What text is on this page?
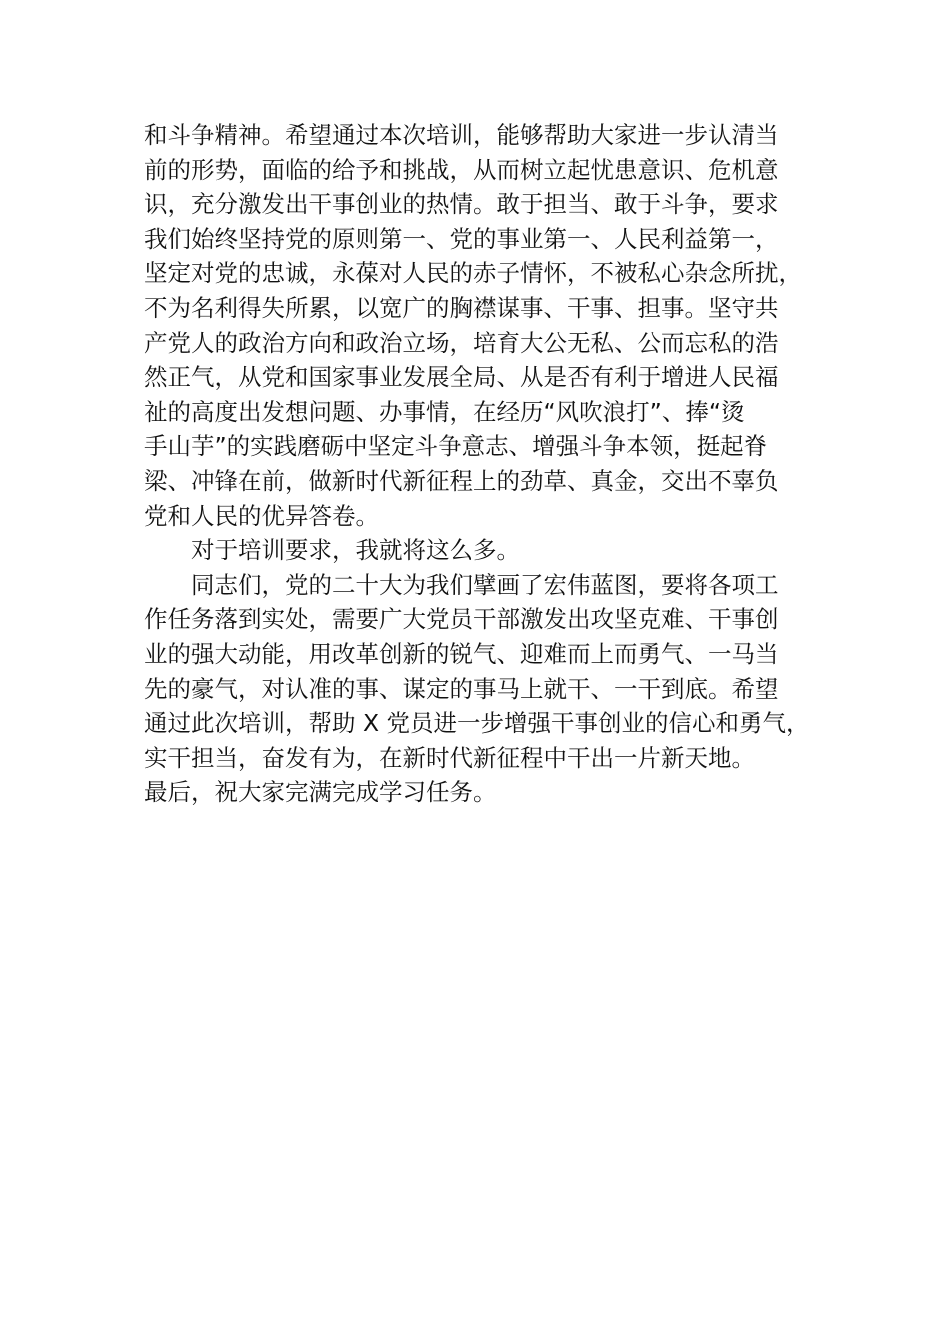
和斗争精神。希望通过本次培训，能够帮助大家进一步认清当
前的形势，面临的给予和挑战，从而树立起忧患意识、危机意
识，充分激发出干事创业的热情。敢于担当、敢于斗争，要求
我们始终坚持党的原则第一、党的事业第一、人民利益第一，
坚定对党的忠诚，永葆对人民的赤子情怀，不被私心杂念所扰，
不为名利得失所累，以宽广的胸襟谋事、干事、担事。坚守共
产党人的政治方向和政治立场，培育大公无私、公而忘私的浩
然正气，从党和国家事业发展全局、从是否有利于增进人民福
祉的高度出发想问题、办事情，在经历“风吹浪打”、捧“烫
手山芋”的实践磨砺中坚定斗争意志、增强斗争本领，挺起脊
梁、冲锋在前，做新时代新征程上的劲草、真金，交出不辜负
党和人民的优异答卷。
对于培训要求，我就将这么多。
同志们，党的二十大为我们擘画了宏伟蓝图，要将各项工
作任务落到实处，需要广大党员干部激发出攻坚克难、干事创
业的强大动能，用改革创新的锐气、迎难而上而勇气、一马当
先的豪气，对认准的事、谋定的事马上就干、一干到底。希望
通过此次培训，帮助 X 党员进一步增强干事创业的信心和勇气，
实干担当，奋发有为，在新时代新征程中干出一片新天地。
最后，祝大家完满完成学习任务。
